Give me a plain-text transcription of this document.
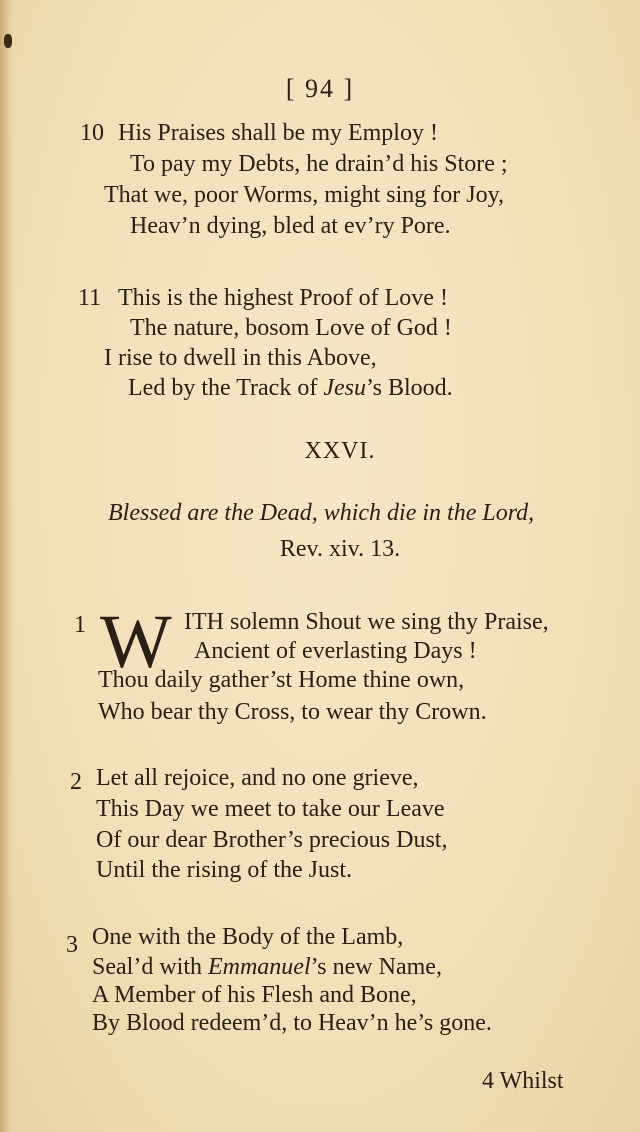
[ 94 ]
10 His Praises shall be my Employ !
To pay my Debts, he drain’d his Store ;
That we, poor Worms, might sing for Joy,
Heav’n dying, bled at ev’ry Pore.
11 This is the highest Proof of Love !
The nature, bosom Love of God !
I rise to dwell in this Above,
Led by the Track of Jesu’s Blood.
XXVI.
Blessed are the Dead, which die in the Lord,
Rev. xiv. 13.
1 W ITH solemn Shout we sing thy Praise,
Ancient of everlasting Days !
Thou daily gather’st Home thine own,
Who bear thy Cross, to wear thy Crown.
2 Let all rejoice, and no one grieve,
This Day we meet to take our Leave
Of our dear Brother’s precious Dust,
Until the rising of the Just.
3 One with the Body of the Lamb,
Seal’d with Emmanuel’s new Name,
A Member of his Flesh and Bone,
By Blood redeem’d, to Heav’n he’s gone.
4 Whilst
